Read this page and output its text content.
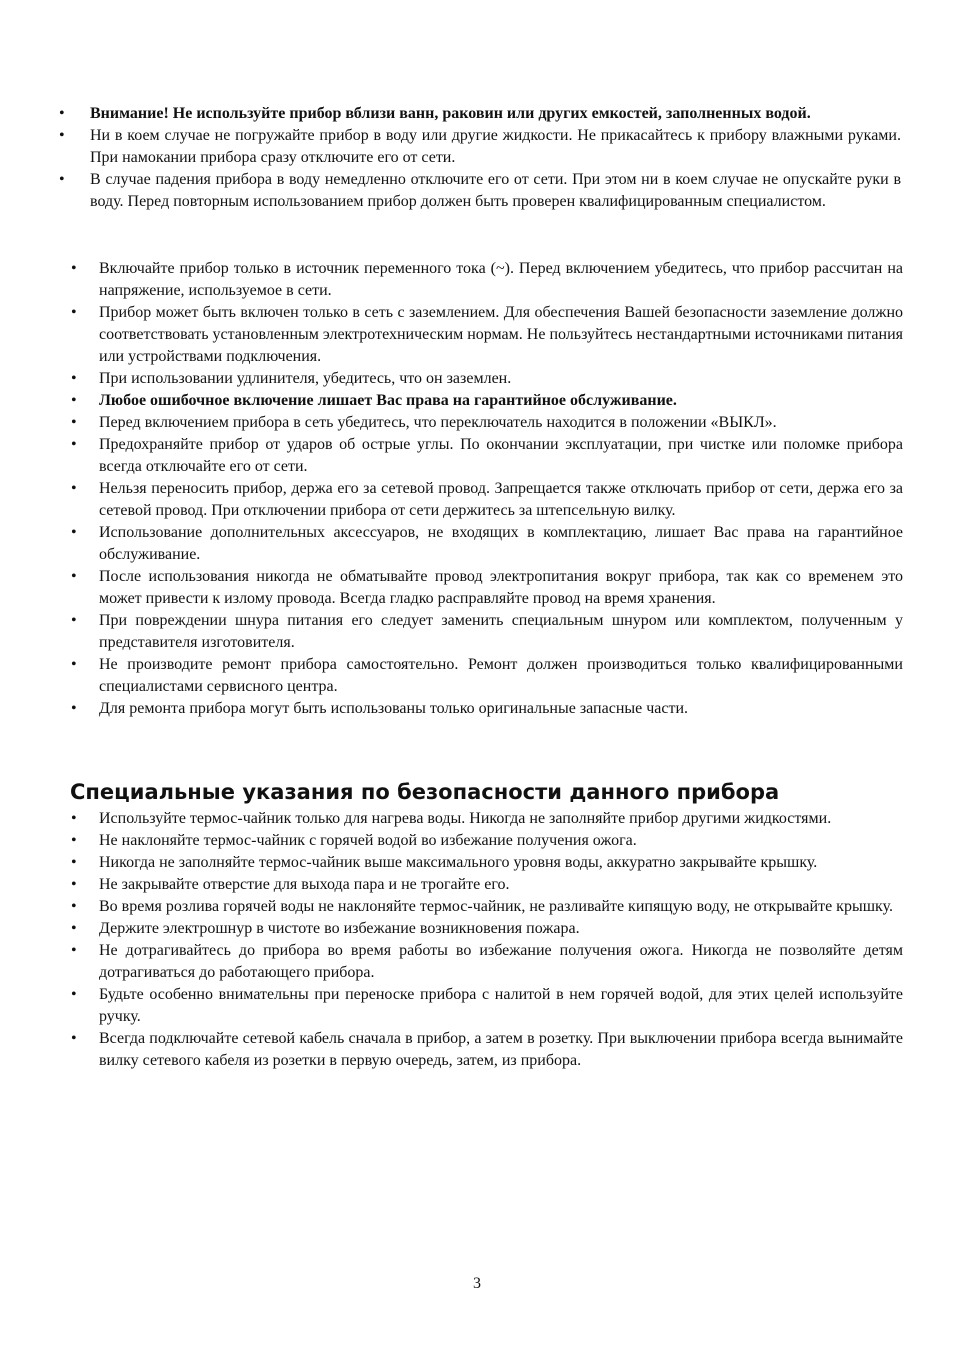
• Внимание! Не используйте прибор вблизи ванн, раковин или других емкостей, заполненных водой.
• Ни в коем случае не погружайте прибор в воду или другие жидкости. Не прикасайтесь к прибору влажными руками. При намокании прибора сразу отключите его от сети.
• В случае падения прибора в воду немедленно отключите его от сети. При этом ни в коем случае не опускайте руки в воду. Перед повторным использованием прибор должен быть проверен квалифицированным специалистом.
• Включайте прибор только в источник переменного тока (~). Перед включением убедитесь, что прибор рассчитан на напряжение, используемое в сети.
• Прибор может быть включен только в сеть с заземлением. Для обеспечения Вашей безопасности заземление должно соответствовать установленным электротехническим нормам. Не пользуйтесь нестандартными источниками питания или устройствами подключения.
• При использовании удлинителя, убедитесь, что он заземлен.
• Любое ошибочное включение лишает Вас права на гарантийное обслуживание.
• Перед включением прибора в сеть убедитесь, что переключатель находится в положении «ВЫКЛ».
• Предохраняйте прибор от ударов об острые углы. По окончании эксплуатации, при чистке или поломке прибора всегда отключайте его от сети.
• Нельзя переносить прибор, держа его за сетевой провод. Запрещается также отключать прибор от сети, держа его за сетевой провод. При отключении прибора от сети держитесь за штепсельную вилку.
• Использование дополнительных аксессуаров, не входящих в комплектацию, лишает Вас права на гарантийное обслуживание.
• После использования никогда не обматывайте провод электропитания вокруг прибора, так как со временем это может привести к излому провода. Всегда гладко расправляйте провод на время хранения.
• При повреждении шнура питания его следует заменить специальным шнуром или комплектом, полученным у представителя изготовителя.
• Не производите ремонт прибора самостоятельно. Ремонт должен производиться только квалифицированными специалистами сервисного центра.
• Для ремонта прибора могут быть использованы только оригинальные запасные части.
Специальные указания по безопасности данного прибора
• Используйте термос-чайник только для нагрева воды. Никогда не заполняйте прибор другими жидкостями.
• Не наклоняйте термос-чайник с горячей водой во избежание получения ожога.
• Никогда не заполняйте термос-чайник выше максимального уровня воды, аккуратно закрывайте крышку.
• Не закрывайте отверстие для выхода пара и не трогайте его.
• Во время розлива горячей воды не наклоняйте термос-чайник, не разливайте кипящую воду, не открывайте крышку.
• Держите электрошнур в чистоте во избежание возникновения пожара.
• Не дотрагивайтесь до прибора во время работы во избежание получения ожога. Никогда не позволяйте детям дотрагиваться до работающего прибора.
• Будьте особенно внимательны при переноске прибора с налитой в нем горячей водой, для этих целей используйте ручку.
• Всегда подключайте сетевой кабель сначала в прибор, а затем в розетку. При выключении прибора всегда вынимайте вилку сетевого кабеля из розетки в первую очередь, затем, из прибора.
3
